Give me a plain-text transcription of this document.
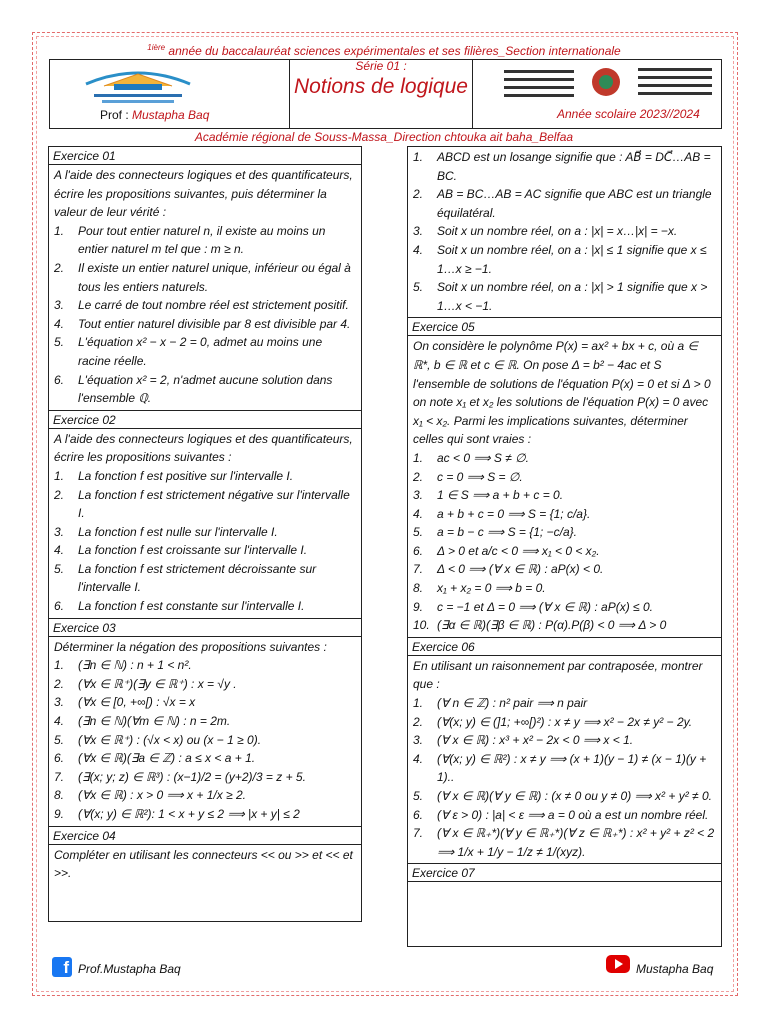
$^{1ière}$ année du baccalauréat sciences expérimentales et ses filières_Section internationale
Prof : Mustapha Baq
Série 01 :
Notions de logique
Année scolaire 2023//2024
Académie régional de Souss-Massa_Direction chtouka ait baha_Belfaa
Exercice 01
A l'aide des connecteurs logiques et des quantificateurs, écrire les propositions suivantes, puis déterminer la valeur de leur vérité :
1. Pour tout entier naturel n, il existe au moins un entier naturel m tel que : m ≥ n.
2. Il existe un entier naturel unique, inférieur ou égal à tous les entiers naturels.
3. Le carré de tout nombre réel est strictement positif.
4. Tout entier naturel divisible par 8 est divisible par 4.
5. L'équation x² − x − 2 = 0, admet au moins une racine réelle.
6. L'équation x² = 2, n'admet aucune solution dans l'ensemble ℚ.
Exercice 02
A l'aide des connecteurs logiques et des quantificateurs, écrire les propositions suivantes :
1. La fonction f est positive sur l'intervalle I.
2. La fonction f est strictement négative sur l'intervalle I.
3. La fonction f est nulle sur l'intervalle I.
4. La fonction f est croissante sur l'intervalle I.
5. La fonction f est strictement décroissante sur l'intervalle I.
6. La fonction f est constante sur l'intervalle I.
Exercice 03
Déterminer la négation des propositions suivantes :
1. (∃n ∈ ℕ) : n + 1 < n².
2. (∀x ∈ ℝ⁺)(∃y ∈ ℝ⁺) : x = √y .
3. (∀x ∈ [0, +∞[) : √x = x
4. (∃n ∈ ℕ)(∀m ∈ ℕ) : n = 2m.
5. (∀x ∈ ℝ⁺) : (√x < x) ou (x − 1 ≥ 0).
6. (∀x ∈ ℝ)(∃a ∈ ℤ) : a ≤ x < a + 1.
7. (∃(x; y; z) ∈ ℝ³) : (x−1)/2 = (y+2)/3 = z + 5.
8. (∀x ∈ ℝ) : x > 0 ⟹ x + 1/x ≥ 2.
9. (∀(x; y) ∈ ℝ²): 1 < x + y ≤ 2 ⟹ |x + y| ≤ 2
Exercice 04
Compléter en utilisant les connecteurs << ou >> et << et >>.
1. ABCD est un losange signifie que : AB⃗ = DC⃗…AB = BC.
2. AB = BC…AB = AC signifie que ABC est un triangle équilatéral.
3. Soit x un nombre réel, on a : |x| = x…|x| = −x.
4. Soit x un nombre réel, on a : |x| ≤ 1 signifie que x ≤ 1…x ≥ −1.
5. Soit x un nombre réel, on a : |x| > 1 signifie que x > 1…x < −1.
Exercice 05
On considère le polynôme P(x) = ax² + bx + c, où a ∈ ℝ*, b ∈ ℝ et c ∈ ℝ. On pose Δ = b² − 4ac et S l'ensemble de solutions de l'équation P(x) = 0 et si Δ > 0 on note x₁ et x₂ les solutions de l'équation P(x) = 0 avec x₁ < x₂. Parmi les implications suivantes, déterminer celles qui sont vraies :
1. ac < 0 ⟹ S ≠ ∅.
2. c = 0 ⟹ S = ∅.
3. 1 ∈ S ⟹ a + b + c = 0.
4. a + b + c = 0 ⟹ S = {1; c/a}.
5. a = b − c ⟹ S = {1; −c/a}.
6. Δ > 0 et a/c < 0 ⟹ x₁ < 0 < x₂.
7. Δ < 0 ⟹ (∀ x ∈ ℝ) : aP(x) < 0.
8. x₁ + x₂ = 0 ⟹ b = 0.
9. c = −1 et Δ = 0 ⟹ (∀ x ∈ ℝ) : aP(x) ≤ 0.
10. (∃α ∈ ℝ)(∃β ∈ ℝ) : P(α).P(β) < 0 ⟹ Δ > 0
Exercice 06
En utilisant un raisonnement par contraposée, montrer que :
1. (∀ n ∈ ℤ) : n² pair ⟹ n pair
2. (∀(x; y) ∈ (]1; +∞[)²) : x ≠ y ⟹ x² − 2x ≠ y² − 2y.
3. (∀ x ∈ ℝ) : x³ + x² − 2x < 0 ⟹ x < 1.
4. (∀(x; y) ∈ ℝ²) : x ≠ y ⟹ (x + 1)(y − 1) ≠ (x − 1)(y + 1)..
5. (∀ x ∈ ℝ)(∀ y ∈ ℝ) : (x ≠ 0 ou y ≠ 0) ⟹ x² + y² ≠ 0.
6. (∀ ε > 0) : |a| < ε ⟹ a = 0 où a est un nombre réel.
7. (∀ x ∈ ℝ₊*)(∀ y ∈ ℝ₊*)(∀ z ∈ ℝ₊*) : x² + y² + z² < 2 ⟹ 1/x + 1/y − 1/z ≠ 1/(xyz).
Exercice 07
f Prof.Mustapha Baq	Mustapha Baq
